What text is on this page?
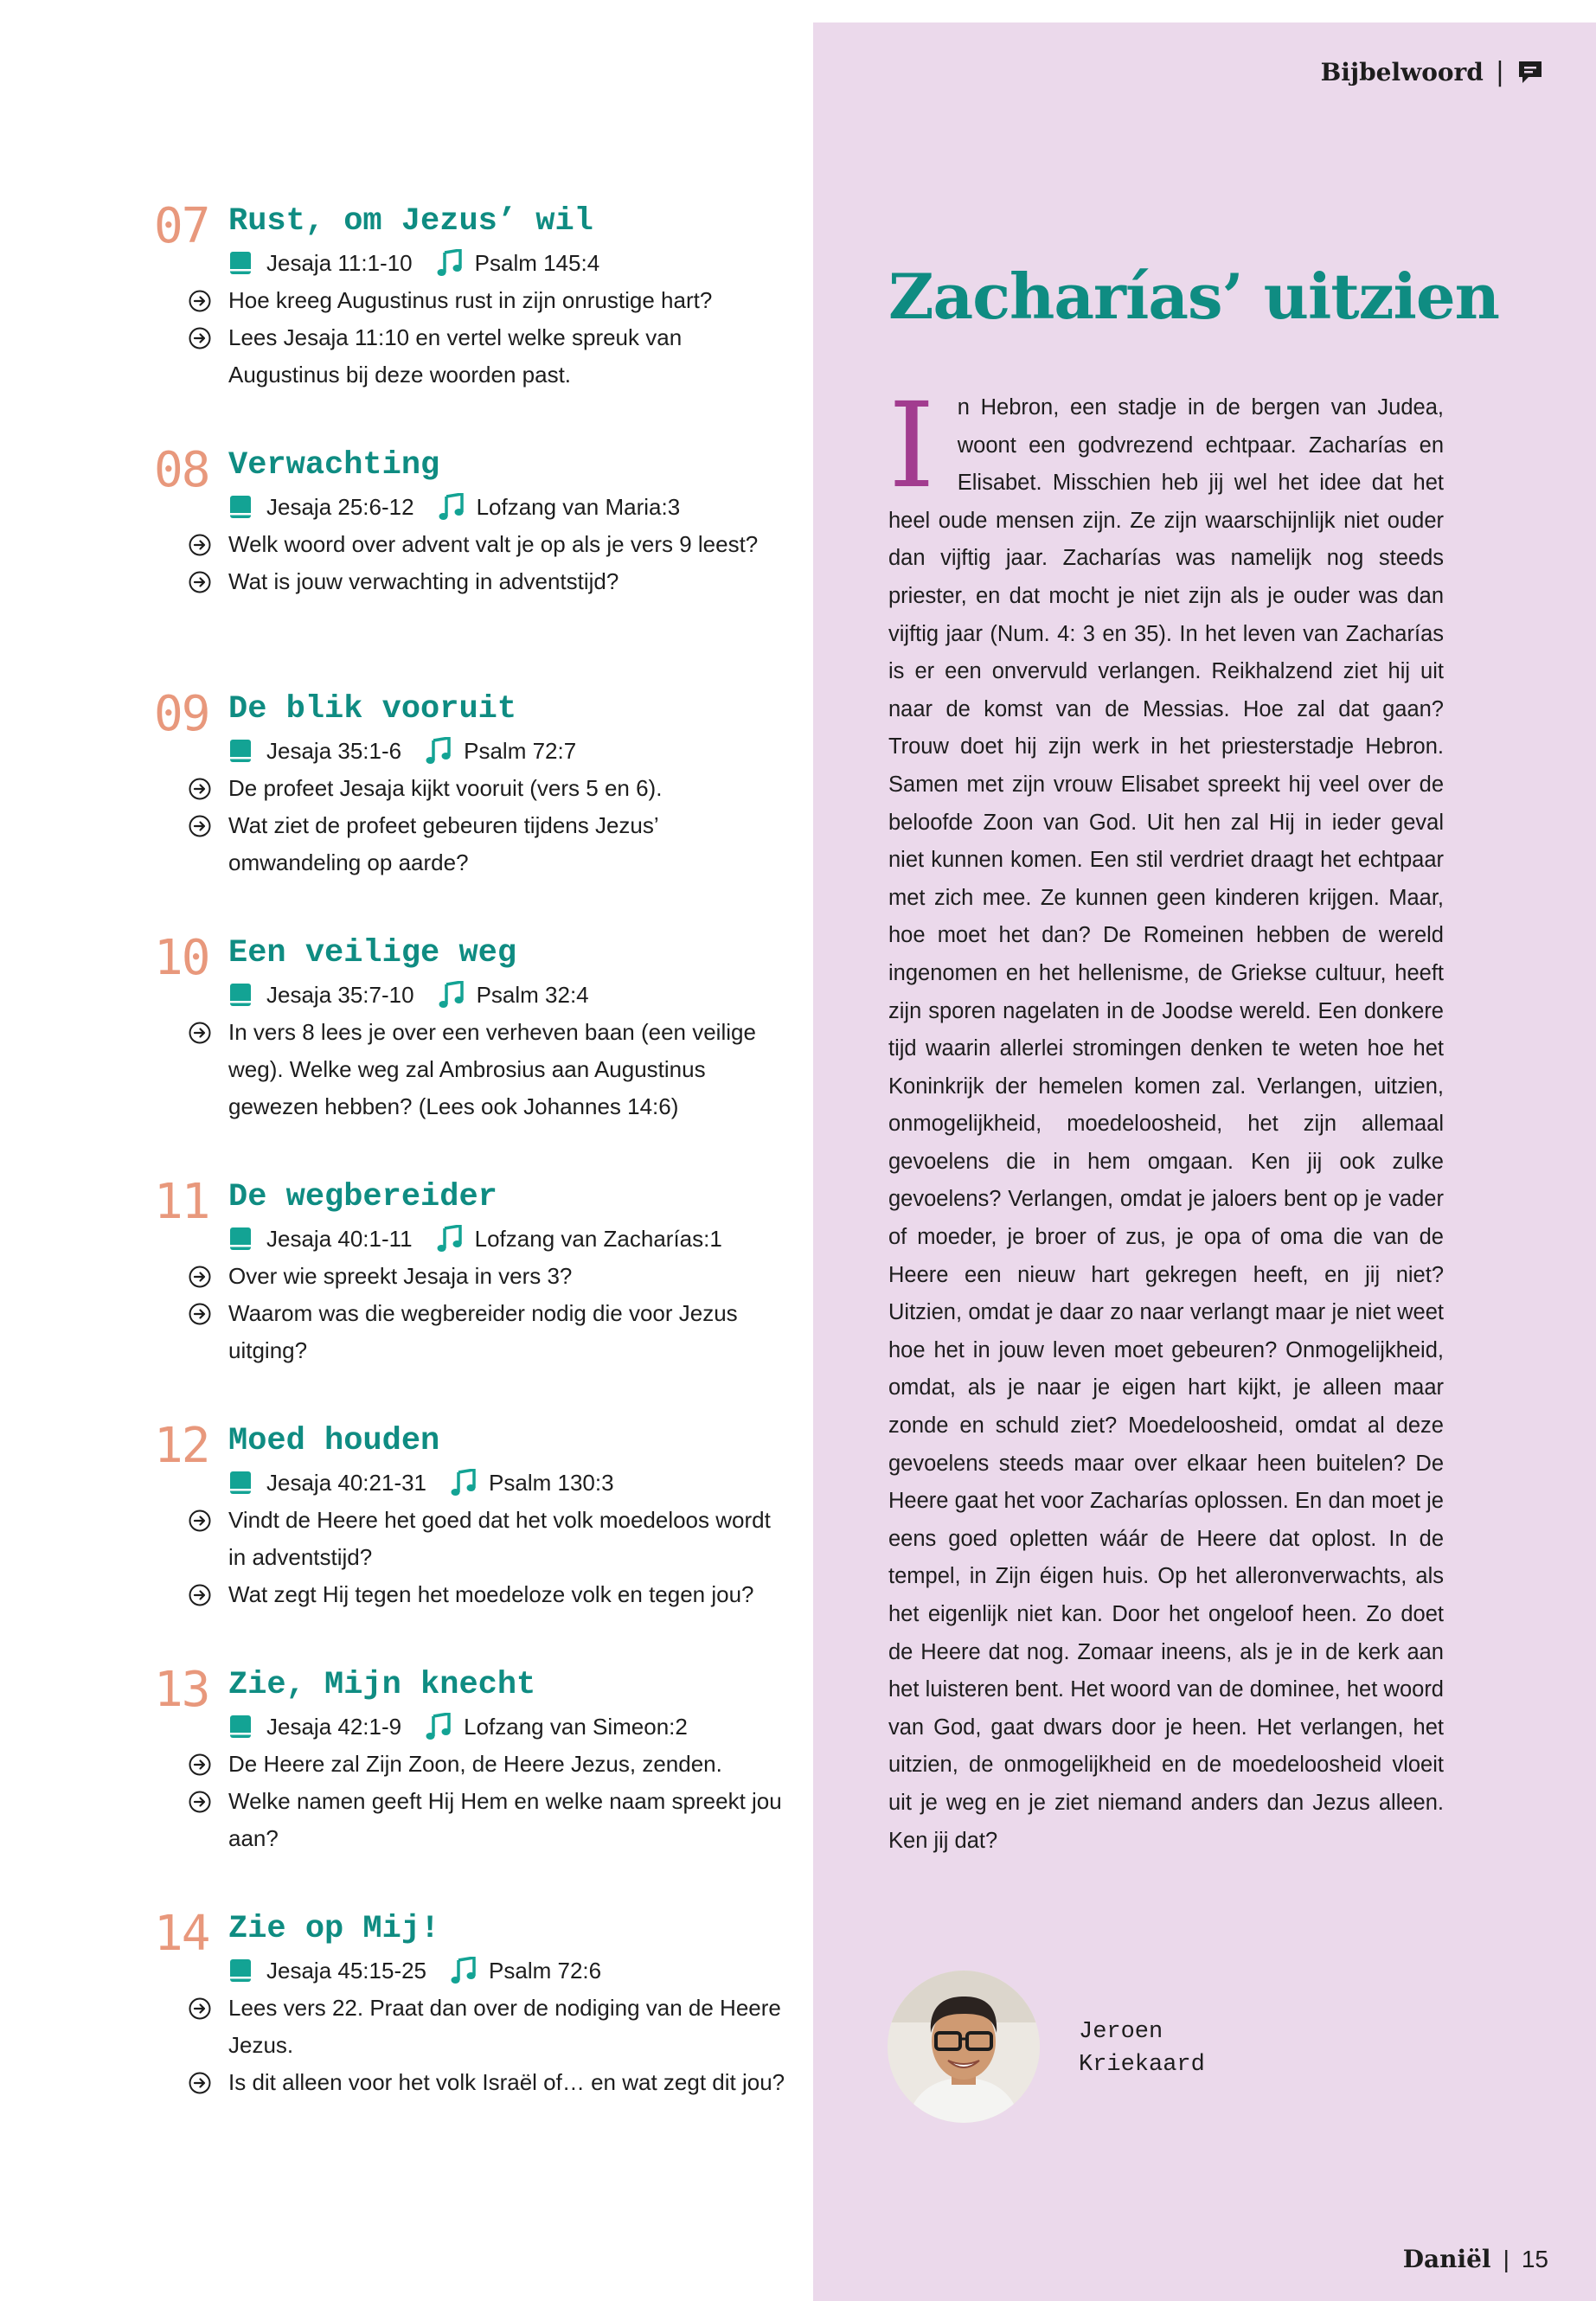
Bijbelwoord |
07 Rust, om Jezus’ wil
Jesaja 11:1-10	Psalm 145:4
Hoe kreeg Augustinus rust in zijn onrustige hart?
Lees Jesaja 11:10 en vertel welke spreuk van Augustinus bij deze woorden past.
08 Verwachting
Jesaja 25:6-12	Lofzang van Maria:3
Welk woord over advent valt je op als je vers 9 leest?
Wat is jouw verwachting in adventstijd?
09 De blik vooruit
Jesaja 35:1-6	Psalm 72:7
De profeet Jesaja kijkt vooruit (vers 5 en 6).
Wat ziet de profeet gebeuren tijdens Jezus’ omwandeling op aarde?
10 Een veilige weg
Jesaja 35:7-10	Psalm 32:4
In vers 8 lees je over een verheven baan (een veilige weg). Welke weg zal Ambrosius aan Augustinus gewezen hebben? (Lees ook Johannes 14:6)
11 De wegbereider
Jesaja 40:1-11	Lofzang van Zacharías:1
Over wie spreekt Jesaja in vers 3?
Waarom was die wegbereider nodig die voor Jezus uitging?
12 Moed houden
Jesaja 40:21-31	Psalm 130:3
Vindt de Heere het goed dat het volk moedeloos wordt in adventstijd?
Wat zegt Hij tegen het moedeloze volk en tegen jou?
13 Zie, Mijn knecht
Jesaja 42:1-9	Lofzang van Simeon:2
De Heere zal Zijn Zoon, de Heere Jezus, zenden.
Welke namen geeft Hij Hem en welke naam spreekt jou aan?
14 Zie op Mij!
Jesaja 45:15-25	Psalm 72:6
Lees vers 22. Praat dan over de nodiging van de Heere Jezus.
Is dit alleen voor het volk Israël of… en wat zegt dit jou?
Zacharías’ uitzien

I n Hebron, een stadje in de bergen van Judea, woont een godvrezend echtpaar. Zacharías en Elisabet. Misschien heb jij wel het idee dat het heel oude mensen zijn. Ze zijn waarschijnlijk niet ouder dan vijftig jaar. Zacharías was namelijk nog steeds priester, en dat mocht je niet zijn als je ouder was dan vijftig jaar (Num. 4: 3 en 35). In het leven van Zacharías is er een onvervuld verlangen. Reikhalzend ziet hij uit naar de komst van de Messias. Hoe zal dat gaan? Trouw doet hij zijn werk in het priesterstadje Hebron. Samen met zijn vrouw Elisabet spreekt hij veel over de beloofde Zoon van God. Uit hen zal Hij in ieder geval niet kunnen komen. Een stil verdriet draagt het echtpaar met zich mee. Ze kunnen geen kinderen krijgen. Maar, hoe moet het dan? De Romeinen hebben de wereld ingenomen en het hellenisme, de Griekse cultuur, heeft zijn sporen nagelaten in de Joodse wereld. Een donkere tijd waarin allerlei stromingen denken te weten hoe het Koninkrijk der hemelen komen zal. Verlangen, uitzien, onmogelijkheid, moedeloosheid, het zijn allemaal gevoelens die in hem omgaan. Ken jij ook zulke gevoelens? Verlangen, omdat je jaloers bent op je vader of moeder, je broer of zus, je opa of oma die van de Heere een nieuw hart gekregen heeft, en jij niet? Uitzien, omdat je daar zo naar verlangt maar je niet weet hoe het in jouw leven moet gebeuren? Onmogelijkheid, omdat, als je naar je eigen hart kijkt, je alleen maar zonde en schuld ziet? Moedeloosheid, omdat al deze gevoelens steeds maar over elkaar heen buitelen? De Heere gaat het voor Zacharías oplossen. En dan moet je eens goed opletten wáár de Heere dat oplost. In de tempel, in Zijn éigen huis. Op het alleronverwachts, als het eigenlijk niet kan. Door het ongeloof heen. Zo doet de Heere dat nog. Zomaar ineens, als je in de kerk aan het luisteren bent. Het woord van de dominee, het woord van God, gaat dwars door je heen. Het verlangen, het uitzien, de onmogelijkheid en de moedeloosheid vloeit uit je weg en je ziet niemand anders dan Jezus alleen. Ken jij dat?

Jeroen
Kriekaard
Daniël | 15
